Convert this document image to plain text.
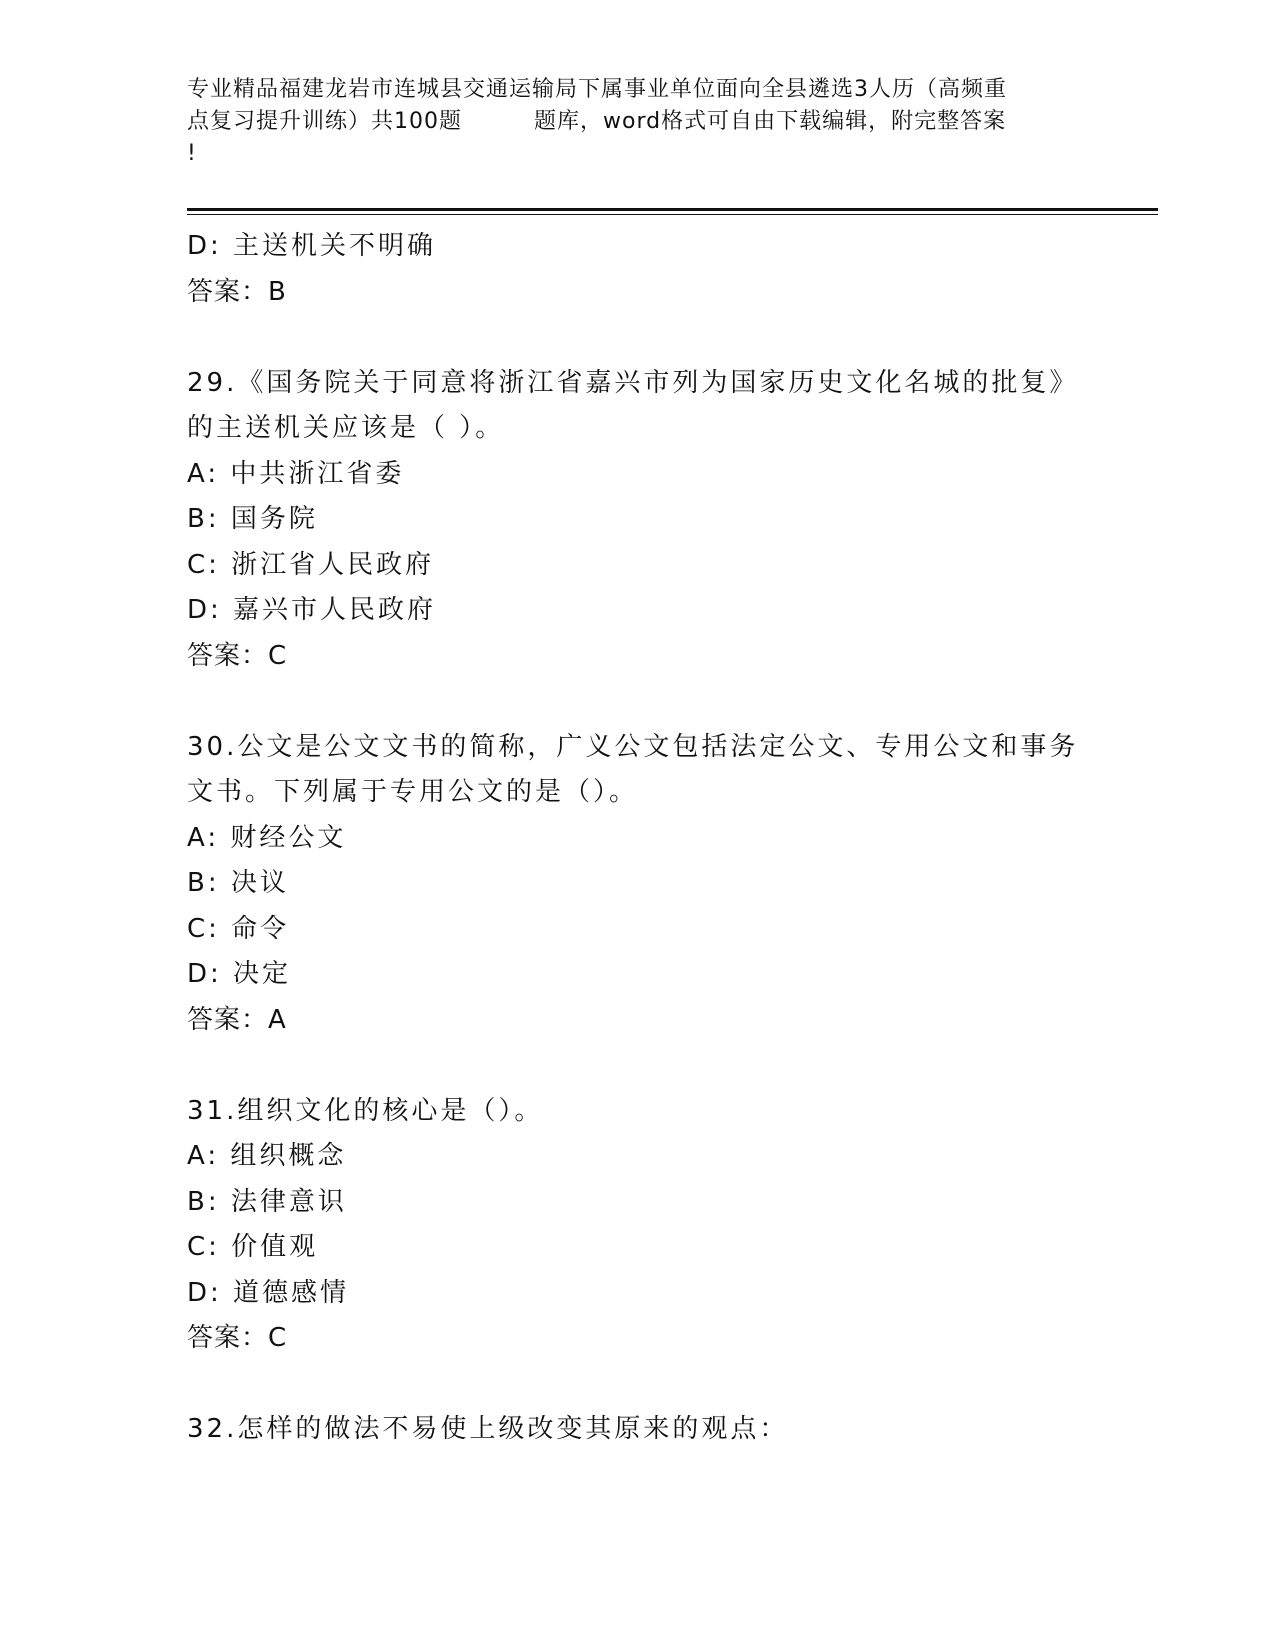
专业精品福建龙岩市连城县交通运输局下属事业单位面向全县遴选3人历（高频重
点复习提升训练）共100题	题库，word格式可自由下载编辑，附完整答案
!
D: 主送机关不明确
答案：B
29.《国务院关于同意将浙江省嘉兴市列为国家历史文化名城的批复》
的主送机关应该是（ ）。
A: 中共浙江省委
B: 国务院
C: 浙江省人民政府
D: 嘉兴市人民政府
答案：C
30.公文是公文文书的简称，广义公文包括法定公文、专用公文和事务
文书。下列属于专用公文的是（）。
A: 财经公文
B: 决议
C: 命令
D: 决定
答案：A
31.组织文化的核心是（）。
A: 组织概念
B: 法律意识
C: 价值观
D: 道德感情
答案：C
32.怎样的做法不易使上级改变其原来的观点：
